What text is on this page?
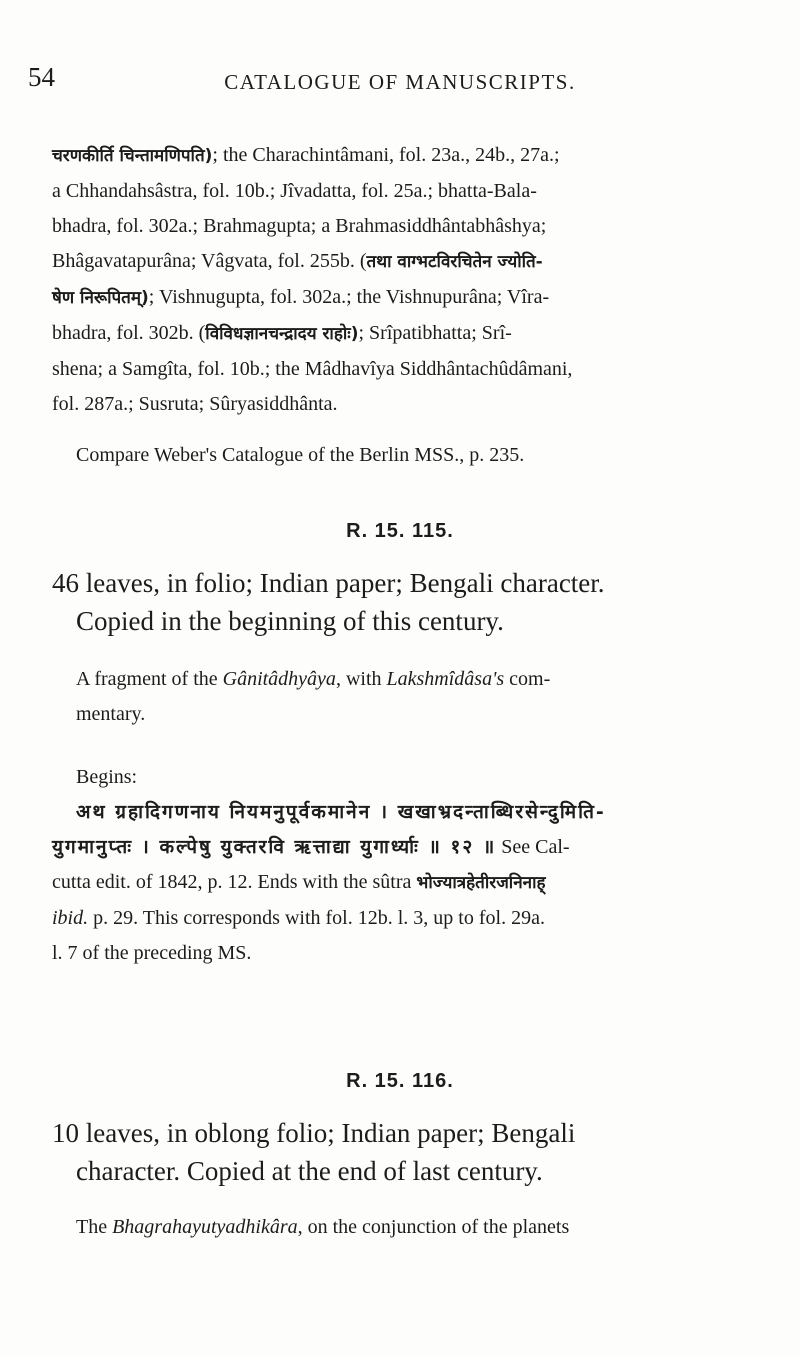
54	CATALOGUE OF MANUSCRIPTS.

चरणकीर्ति चिन्तामणिपति); the Charachintâmani, fol. 23a., 24b., 27a.;
a Chhandahsâstra, fol. 10b.; Jîvadatta, fol. 25a.; bhatta-Bala-
bhadra, fol. 302a.; Brahmagupta; a Brahmasiddhântabhâshya;
Bhâgavatapurâna; Vâgvata, fol. 255b. (तथा वाग्भटविरचितेन ज्योति-
षेण निरूपितम्); Vishnugupta, fol. 302a.; the Vishnupurâna; Vîra-
bhadra, fol. 302b. (विविधज्ञानचन्द्रादय राहोः); Srîpatibhatta; Srî-
shena; a Samgîta, fol. 10b.; the Mâdhavîya Siddhântachûdâmani,
fol. 287a.; Susruta; Sûryasiddhânta.

Compare Weber's Catalogue of the Berlin MSS., p. 235.

R. 15. 115.

46 leaves, in folio; Indian paper; Bengali character.
Copied in the beginning of this century.

A fragment of the Gânitâdhyâya, with Lakshmîdâsa's com-
mentary.

Begins:
अथ ग्रहादिगणनाय नियमनुपूर्वकमानेन । खखाभ्रदन्ताब्धिरसेन्दुमिति-
युगमानुप्तः । कल्पेषु युक्तरवि ऋत्ताद्या युगार्ध्याः ॥ १२ ॥ See Cal-
cutta edit. of 1842, p. 12. Ends with the sûtra भोज्यात्रहेतीरजनिनाह्
ibid. p. 29. This corresponds with fol. 12b. l. 3, up to fol. 29a.
l. 7 of the preceding MS.

R. 15. 116.

10 leaves, in oblong folio; Indian paper; Bengali
character. Copied at the end of last century.

The Bhagrahayutyadhikâra, on the conjunction of the planets
